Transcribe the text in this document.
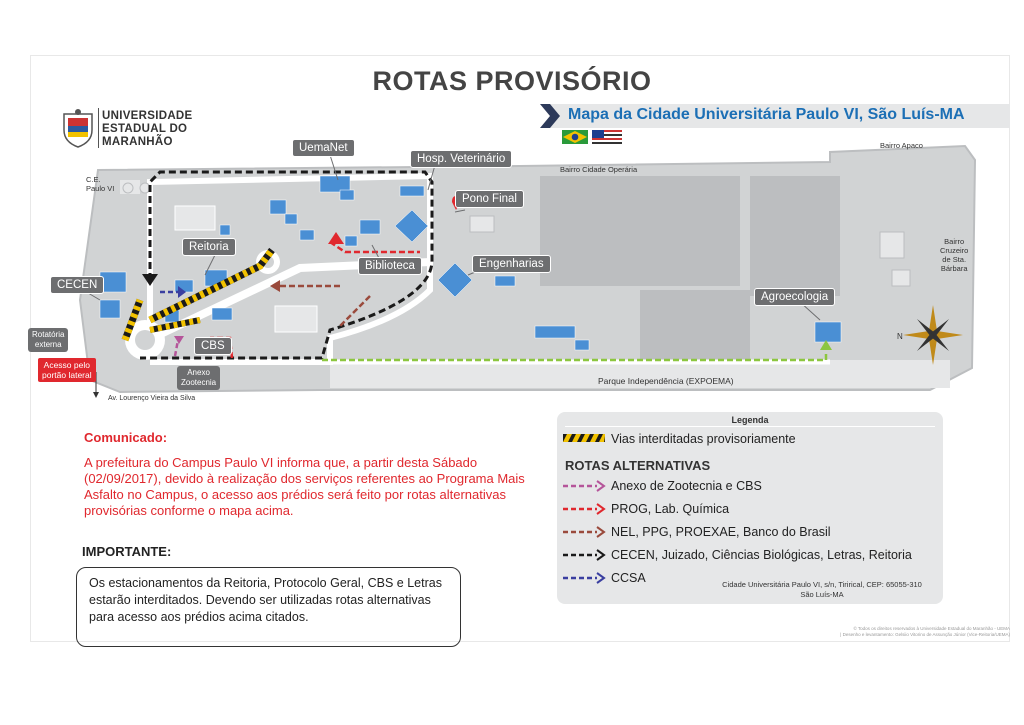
ROTAS PROVISÓRIO
UNIVERSIDADE
ESTADUAL DO
MARANHÃO
Mapa da Cidade Universitária Paulo VI, São Luís-MA
UemaNet
Hosp. Veterinário
Pono Final
Reitoria
Biblioteca	Engenharias
CECEN
CBS
Agroecologia
Anexo
Zootecnia
Rotatória
externa
Acesso pelo
portão lateral
C.E.
Paulo VI
Bairro Cidade Operária
Bairro Apaco
Bairro
Cruzeiro
de Sta.
Bárbara
Parque Independência (EXPOEMA)
Av. Lourenço Vieira da Silva
N
Legenda
Vias interditadas provisoriamente
ROTAS ALTERNATIVAS
Anexo de Zootecnia e CBS
PROG, Lab. Química
NEL, PPG, PROEXAE, Banco do Brasil
CECEN, Juizado, Ciências Biológicas, Letras, Reitoria
CCSA	Cidade Universitária Paulo VI, s/n, Tirirical, CEP: 65055-310
São Luís-MA
Comunicado:
A prefeitura do Campus Paulo VI informa que, a partir desta Sábado (02/09/2017), devido à realização dos serviços referentes ao Programa Mais Asfalto no Campus, o acesso aos prédios será feito por rotas alternativas provisórias conforme o mapa acima.
IMPORTANTE:
Os estacionamentos da Reitoria, Protocolo Geral, CBS e Letras estarão interditados. Devendo ser utilizadas rotas alternativas para acesso aos prédios acima citados.
© Todos os direitos reservados à Universidade Estadual do Maranhão - UEMA
| Desenho e levantamento: Gelsiio Vitorino de Assunção Júnior (Vice-Reitoria/UEMA)
